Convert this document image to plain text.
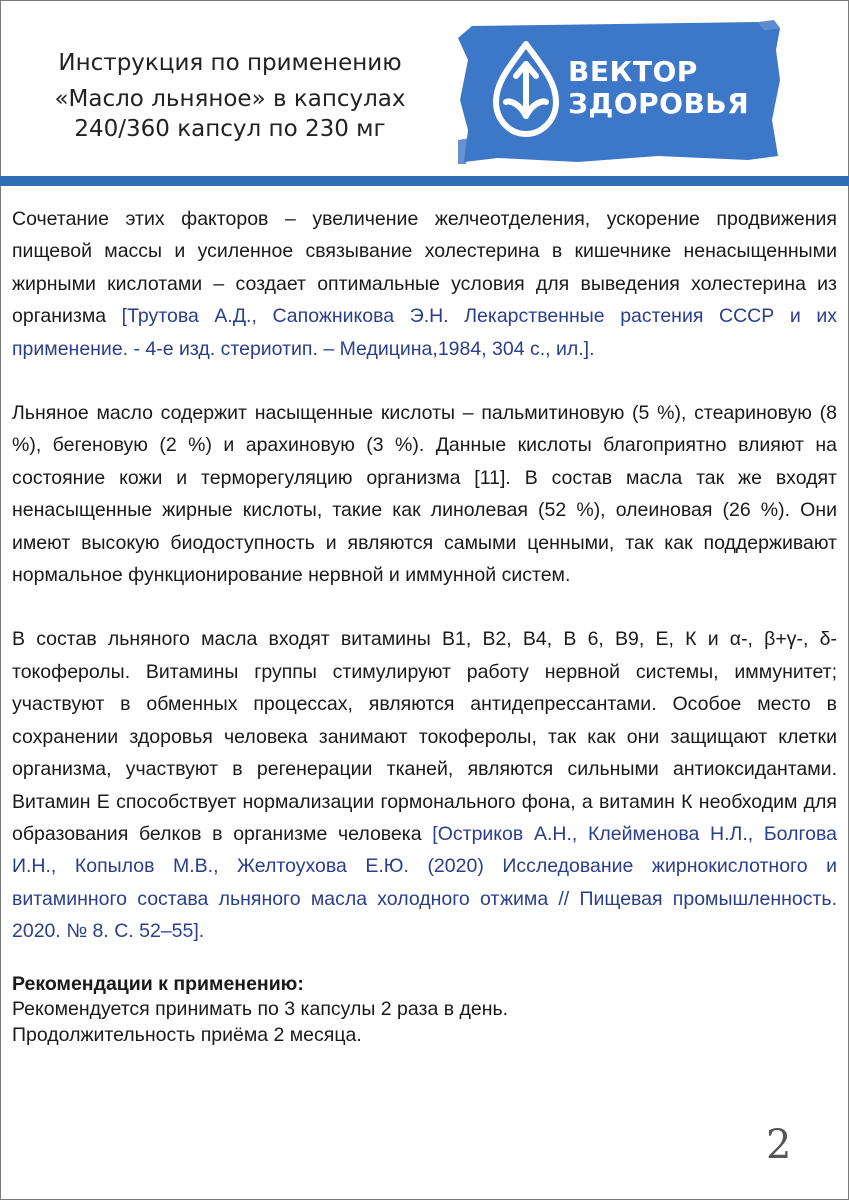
Инструкция по применению
«Масло льняное» в капсулах
240/360 капсул по 230 мг
ВЕКТОР
ЗДОРОВЬЯ

Сочетание этих факторов – увеличение желчеотделения, ускорение продвижения пищевой массы и усиленное связывание холестерина в кишечнике ненасыщенными жирными кислотами – создает оптимальные условия для выведения холестерина из организма [Трутова А.Д., Сапожникова Э.Н. Лекарственные растения СССР и их применение. - 4-е изд. стериотип. – Медицина,1984, 304 с., ил.].

Льняное масло содержит насыщенные кислоты – пальмитиновую (5 %), стеариновую (8 %), бегеновую (2 %) и арахиновую (3 %). Данные кислоты благоприятно влияют на состояние кожи и терморегуляцию организма [11]. В состав масла так же входят ненасыщенные жирные кислоты, такие как линолевая (52 %), олеиновая (26 %). Они имеют высокую биодоступность и являются самыми ценными, так как поддерживают нормальное функционирование нервной и иммунной систем.

В состав льняного масла входят витамины В1, В2, В4, В 6, В9, Е, К и α-, β+γ-, δ-токоферолы. Витамины группы стимулируют работу нервной системы, иммунитет; участвуют в обменных процессах, являются антидепрессантами. Особое место в сохранении здоровья человека занимают токоферолы, так как они защищают клетки организма, участвуют в регенерации тканей, являются сильными антиоксидантами. Витамин Е способствует нормализации гормонального фона, а витамин К необходим для образования белков в организме человека [Остриков А.Н., Клейменова Н.Л., Болгова И.Н., Копылов М.В., Желтоухова Е.Ю. (2020) Исследование жирнокислотного и витаминного состава льняного масла холодного отжима // Пищевая промышленность. 2020. № 8. С. 52–55].

Рекомендации к применению:

Рекомендуется принимать по 3 капсулы 2 раза в день.

Продолжительность приёма 2 месяца.

2
